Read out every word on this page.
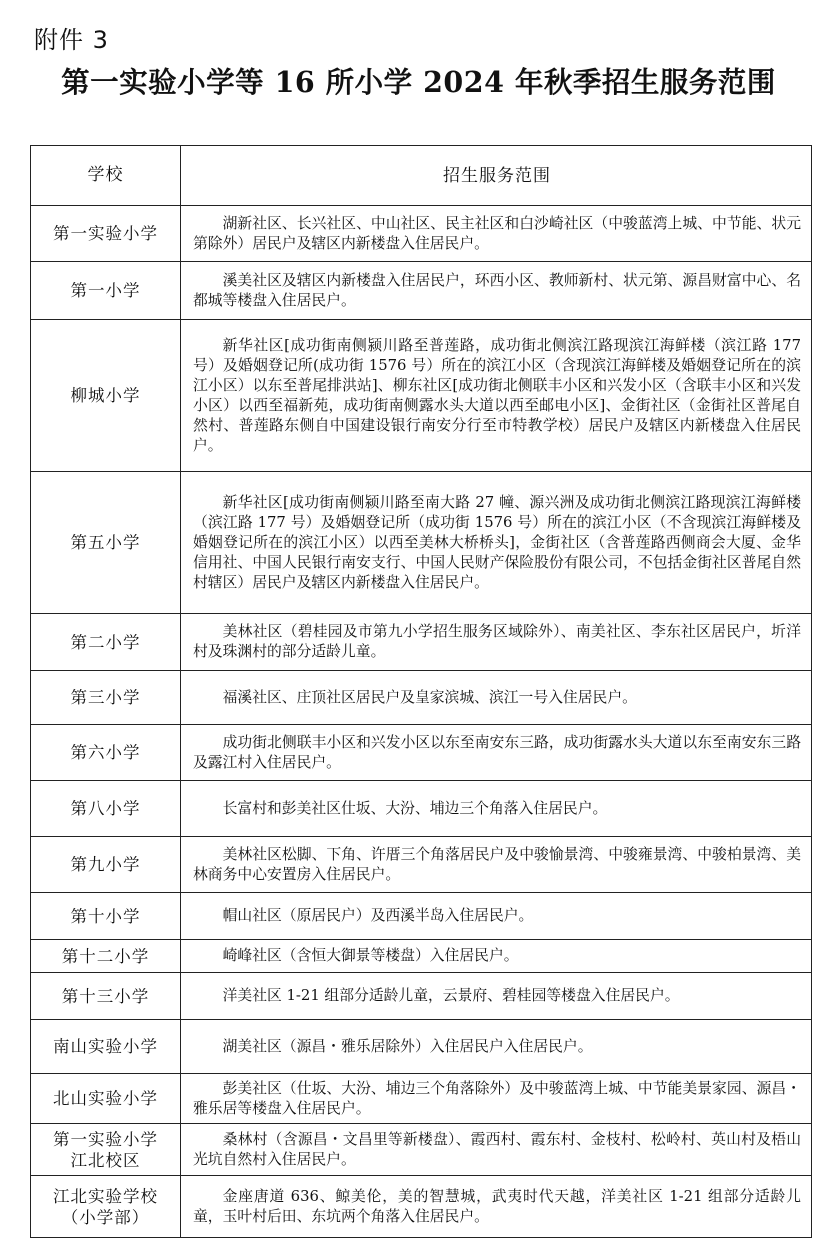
附件 3
第一实验小学等 16 所小学 2024 年秋季招生服务范围
学校	招生服务范围

第一实验小学	湖新社区、长兴社区、中山社区、民主社区和白沙崎社区（中骏蓝湾上城、中节能、状元第除外）居民户及辖区内新楼盘入住居民户。

第一小学	溪美社区及辖区内新楼盘入住居民户，环西小区、教师新村、状元第、源昌财富中心、名都城等楼盘入住居民户。

柳城小学	新华社区[成功街南侧颍川路至普莲路，成功街北侧滨江路现滨江海鲜楼（滨江路 177 号）及婚姻登记所(成功街 1576 号）所在的滨江小区（含现滨江海鲜楼及婚姻登记所在的滨江小区）以东至普尾排洪站]、柳东社区[成功街北侧联丰小区和兴发小区（含联丰小区和兴发小区）以西至福新苑，成功街南侧露水头大道以西至邮电小区]、金街社区（金街社区普尾自然村、普莲路东侧自中国建设银行南安分行至市特教学校）居民户及辖区内新楼盘入住居民户。

第五小学	新华社区[成功街南侧颍川路至南大路 27 幢、源兴洲及成功街北侧滨江路现滨江海鲜楼（滨江路 177 号）及婚姻登记所（成功街 1576 号）所在的滨江小区（不含现滨江海鲜楼及婚姻登记所在的滨江小区）以西至美林大桥桥头]，金街社区（含普莲路西侧商会大厦、金华信用社、中国人民银行南安支行、中国人民财产保险股份有限公司，不包括金街社区普尾自然村辖区）居民户及辖区内新楼盘入住居民户。

第二小学	美林社区（碧桂园及市第九小学招生服务区域除外）、南美社区、李东社区居民户，圻洋村及珠渊村的部分适龄儿童。

第三小学	福溪社区、庄顶社区居民户及皇家滨城、滨江一号入住居民户。

第六小学	成功街北侧联丰小区和兴发小区以东至南安东三路，成功街露水头大道以东至南安东三路及露江村入住居民户。

第八小学	长富村和彭美社区仕坂、大汾、埔边三个角落入住居民户。

第九小学	美林社区松脚、下角、许厝三个角落居民户及中骏愉景湾、中骏雍景湾、中骏柏景湾、美林商务中心安置房入住居民户。

第十小学	帽山社区（原居民户）及西溪半岛入住居民户。

第十二小学	崎峰社区（含恒大御景等楼盘）入住居民户。

第十三小学	洋美社区 1-21 组部分适龄儿童，云景府、碧桂园等楼盘入住居民户。

南山实验小学	湖美社区（源昌・雅乐居除外）入住居民户入住居民户。

北山实验小学	彭美社区（仕坂、大汾、埔边三个角落除外）及中骏蓝湾上城、中节能美景家园、源昌・雅乐居等楼盘入住居民户。

第一实验小学
江北校区	桑林村（含源昌・文昌里等新楼盘）、霞西村、霞东村、金枝村、松岭村、英山村及梧山光坑自然村入住居民户。

江北实验学校
（小学部）	金座唐道 636、鲸美伦，美的智慧城，武夷时代天越，洋美社区 1-21 组部分适龄儿童，玉叶村后田、东坑两个角落入住居民户。
